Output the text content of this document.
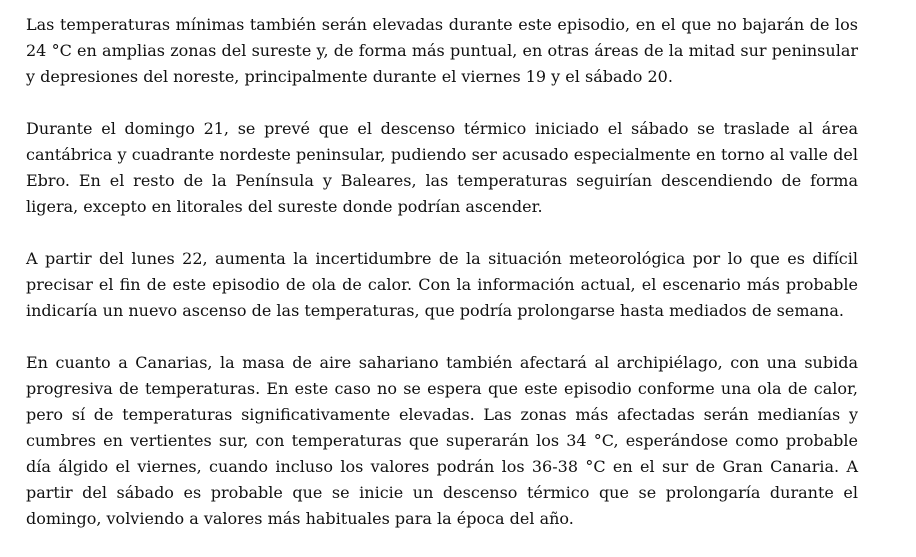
Las temperaturas mínimas también serán elevadas durante este episodio, en el que no bajarán de los 24 °C en amplias zonas del sureste y, de forma más puntual, en otras áreas de la mitad sur peninsular y depresiones del noreste, principalmente durante el viernes 19 y el sábado 20.

Durante el domingo 21, se prevé que el descenso térmico iniciado el sábado se traslade al área cantábrica y cuadrante nordeste peninsular, pudiendo ser acusado especialmente en torno al valle del Ebro. En el resto de la Península y Baleares, las temperaturas seguirían descendiendo de forma ligera, excepto en litorales del sureste donde podrían ascender.

A partir del lunes 22, aumenta la incertidumbre de la situación meteorológica por lo que es difícil precisar el fin de este episodio de ola de calor. Con la información actual, el escenario más probable indicaría un nuevo ascenso de las temperaturas, que podría prolongarse hasta mediados de semana.

En cuanto a Canarias, la masa de aire sahariano también afectará al archipiélago, con una subida progresiva de temperaturas. En este caso no se espera que este episodio conforme una ola de calor, pero sí de temperaturas significativamente elevadas. Las zonas más afectadas serán medianías y cumbres en vertientes sur, con temperaturas que superarán los 34 °C, esperándose como probable día álgido el viernes, cuando incluso los valores podrán los 36-38 °C en el sur de Gran Canaria. A partir del sábado es probable que se inicie un descenso térmico que se prolongaría durante el domingo, volviendo a valores más habituales para la época del año.
